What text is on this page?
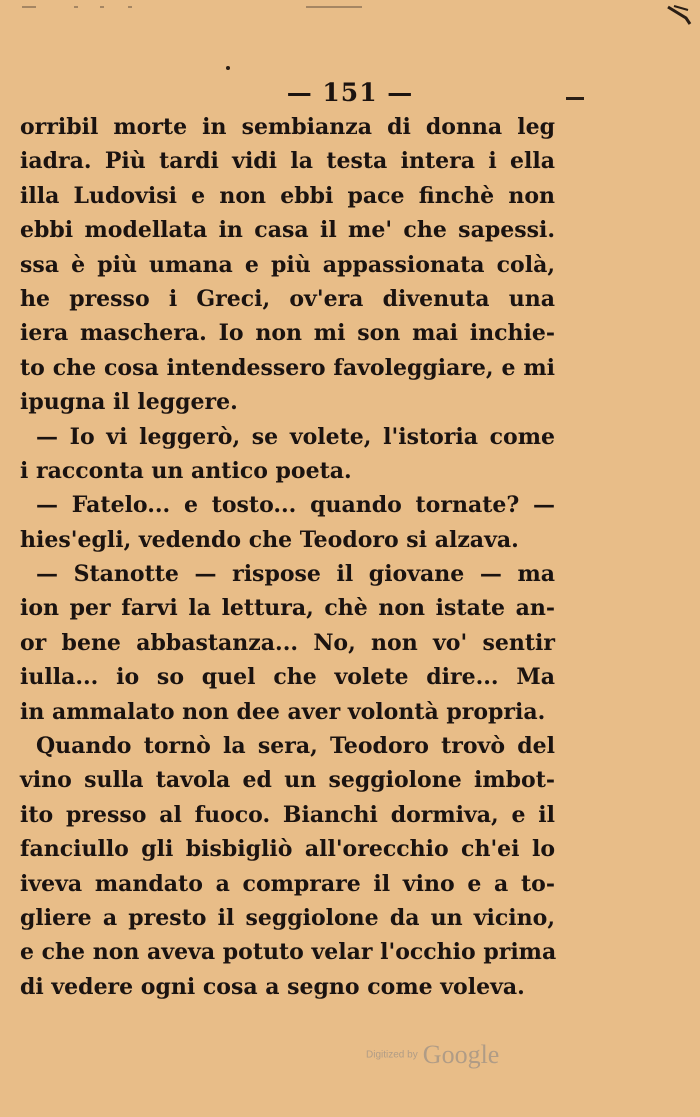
— 151 —
orribil morte in sembianza di donna leg
iadra. Più tardi vidi la testa intera i ella
illa Ludovisi e non ebbi pace finchè non
ebbi modellata in casa il me' che sapessi.
ssa è più umana e più appassionata colà,
he presso i Greci, ov'era divenuta una
iera maschera. Io non mi son mai inchie-
to che cosa intendessero favoleggiare, e mi
ipugna il leggere.
— Io vi leggerò, se volete, l'istoria come
i racconta un antico poeta.
— Fatelo... e tosto... quando tornate? —
hies'egli, vedendo che Teodoro si alzava.
— Stanotte — rispose il giovane — ma
ion per farvi la lettura, chè non istate an-
or bene abbastanza... No, non vo' sentir
iulla... io so quel che volete dire... Ma
in ammalato non dee aver volontà propria.
Quando tornò la sera, Teodoro trovò del
vino sulla tavola ed un seggiolone imbot-
ito presso al fuoco. Bianchi dormiva, e il
fanciullo gli bisbigliò all'orecchio ch'ei lo
iveva mandato a comprare il vino e a to-
gliere a presto il seggiolone da un vicino,
e che non aveva potuto velar l'occhio prima
di vedere ogni cosa a segno come voleva.
Digitized by Google
